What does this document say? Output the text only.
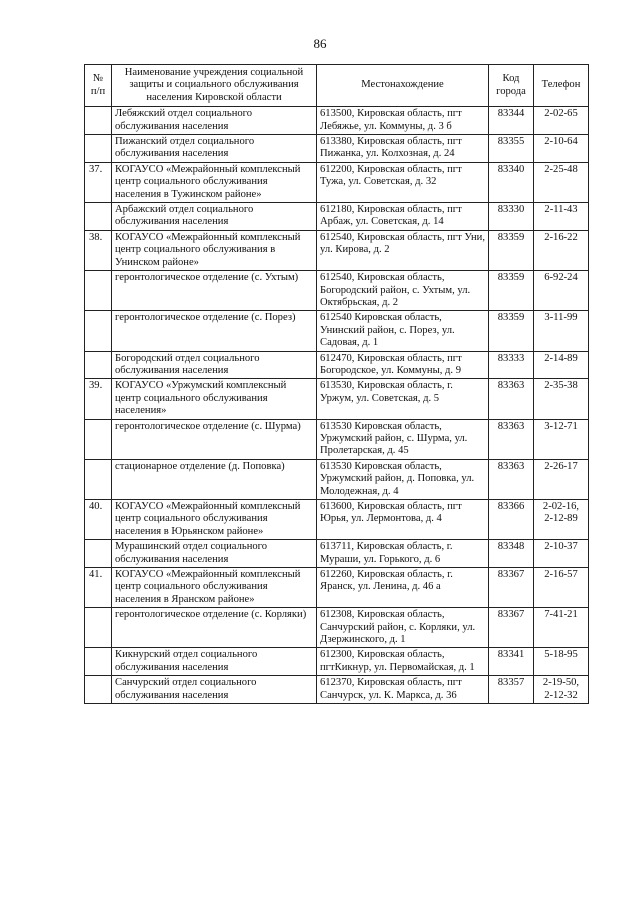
86
№ п/п	Наименование учреждения социальной защиты и социального обслуживания населения Кировской области	Местонахождение	Код города	Телефон
	Лебяжский отдел социального обслуживания населения	613500, Кировская область, пгт Лебяжье, ул. Коммуны, д. 3 б	83344	2-02-65
	Пижанский отдел социального обслуживания населения	613380, Кировская область, пгт Пижанка, ул. Колхозная, д. 24	83355	2-10-64
37.	КОГАУСО «Межрайонный комплексный центр социального обслуживания населения в Тужинском районе»	612200, Кировская область, пгт Тужа, ул. Советская, д. 32	83340	2-25-48
	Арбажский отдел социального обслуживания населения	612180, Кировская область, пгт Арбаж, ул. Советская, д. 14	83330	2-11-43
38.	КОГАУСО «Межрайонный комплексный центр социального обслуживания в Унинском районе»	612540, Кировская область, пгт Уни, ул. Кирова, д. 2	83359	2-16-22
	геронтологическое отделение (с. Ухтым)	612540, Кировская область, Богородский район, с. Ухтым, ул. Октябрьская, д. 2	83359	6-92-24
	геронтологическое отделение (с. Порез)	612540 Кировская область, Унинский район, с. Порез, ул. Садовая, д. 1	83359	3-11-99
	Богородский отдел социального обслуживания населения	612470, Кировская область, пгт Богородское, ул. Коммуны, д. 9	83333	2-14-89
39.	КОГАУСО «Уржумский комплексный центр социального обслуживания населения»	613530, Кировская область, г. Уржум, ул. Советская, д. 5	83363	2-35-38
	геронтологическое отделение (с. Шурма)	613530 Кировская область, Уржумский район, с. Шурма, ул. Пролетарская, д. 45	83363	3-12-71
	стационарное отделение (д. Поповка)	613530 Кировская область, Уржумский район, д. Поповка, ул. Молодежная, д. 4	83363	2-26-17
40.	КОГАУСО «Межрайонный комплексный центр социального обслуживания населения в Юрьянском районе»	613600, Кировская область, пгт Юрья, ул. Лермонтова, д. 4	83366	2-02-16,
2-12-89
	Мурашинский отдел социального обслуживания населения	613711, Кировская область, г. Мураши, ул. Горького, д. 6	83348	2-10-37
41.	КОГАУСО «Межрайонный комплексный центр социального обслуживания населения в Яранском районе»	612260, Кировская область, г. Яранск, ул. Ленина, д. 46 а	83367	2-16-57
	геронтологическое отделение (с. Корляки)	612308, Кировская область, Санчурский район, с. Корляки, ул. Дзержинского, д. 1	83367	7-41-21
	Кикнурский отдел социального обслуживания населения	612300, Кировская область, пгтКикнур, ул. Первомайская, д. 1	83341	5-18-95
	Санчурский отдел социального обслуживания населения	612370, Кировская область, пгт Санчурск, ул. К. Маркса, д. 36	83357	2-19-50,
2-12-32
